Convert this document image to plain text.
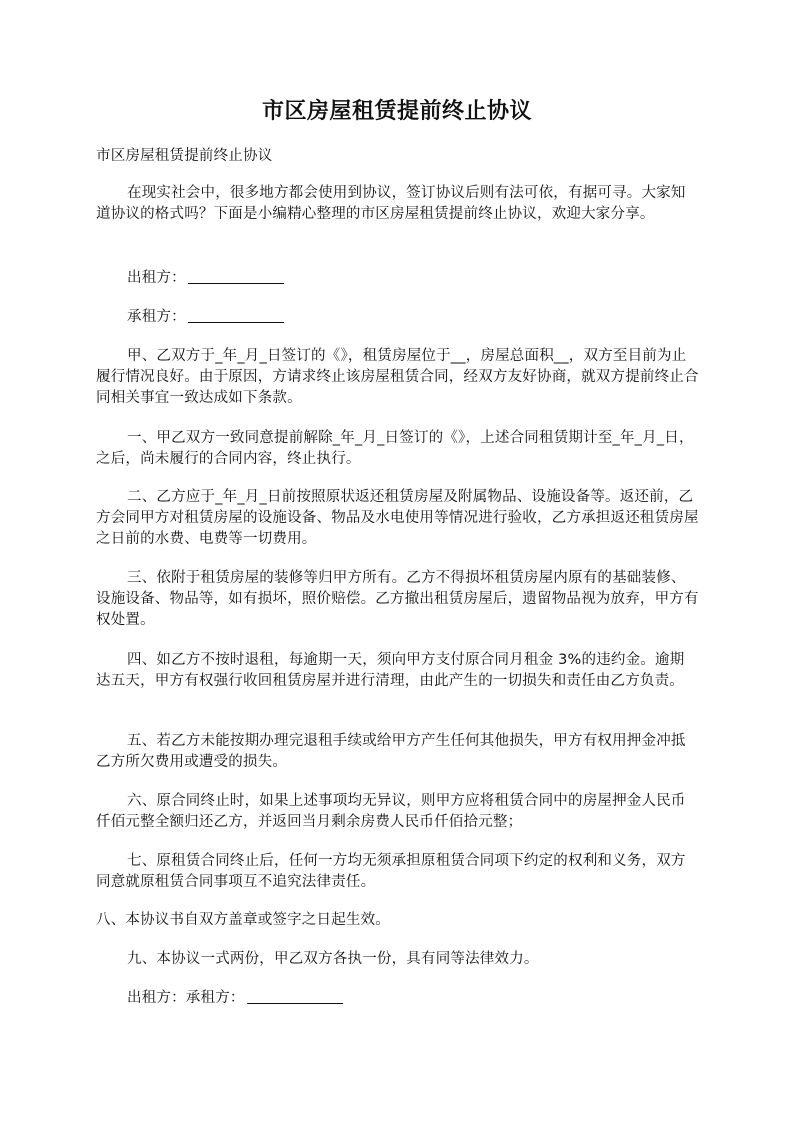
市区房屋租赁提前终止协议

市区房屋租赁提前终止协议

在现实社会中，很多地方都会使用到协议，签订协议后则有法可依，有据可寻。大家知道协议的格式吗？下面是小编精心整理的市区房屋租赁提前终止协议，欢迎大家分享。

出租方：

承租方：

甲、乙双方于_年_月_日签订的《》，租赁房屋位于__，房屋总面积__，双方至目前为止履行情况良好。由于原因，方请求终止该房屋租赁合同，经双方友好协商，就双方提前终止合同相关事宜一致达成如下条款。

一、甲乙双方一致同意提前解除_年_月_日签订的《》，上述合同租赁期计至_年_月_日，之后，尚未履行的合同内容，终止执行。

二、乙方应于_年_月_日前按照原状返还租赁房屋及附属物品、设施设备等。返还前，乙方会同甲方对租赁房屋的设施设备、物品及水电使用等情况进行验收，乙方承担返还租赁房屋之日前的水费、电费等一切费用。

三、依附于租赁房屋的装修等归甲方所有。乙方不得损坏租赁房屋内原有的基础装修、设施设备、物品等，如有损坏，照价赔偿。乙方撤出租赁房屋后，遗留物品视为放弃，甲方有权处置。

四、如乙方不按时退租，每逾期一天，须向甲方支付原合同月租金 3%的违约金。逾期达五天，甲方有权强行收回租赁房屋并进行清理，由此产生的一切损失和责任由乙方负责。

五、若乙方未能按期办理完退租手续或给甲方产生任何其他损失，甲方有权用押金冲抵乙方所欠费用或遭受的损失。

六、原合同终止时，如果上述事项均无异议，则甲方应将租赁合同中的房屋押金人民币仟佰元整全额归还乙方，并返回当月剩余房费人民币仟佰拾元整；

七、原租赁合同终止后，任何一方均无须承担原租赁合同项下约定的权利和义务，双方同意就原租赁合同事项互不追究法律责任。

八、本协议书自双方盖章或签字之日起生效。

九、本协议一式两份，甲乙双方各执一份，具有同等法律效力。

出租方：承租方：
